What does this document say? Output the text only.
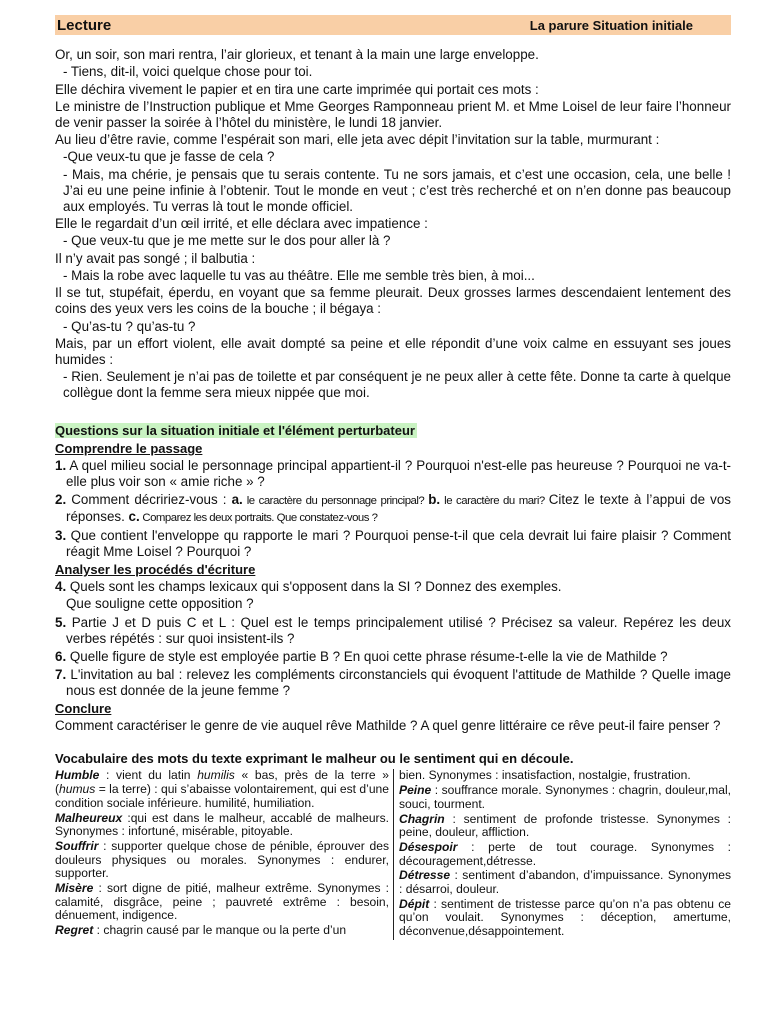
Lecture	La parure Situation initiale

Or, un soir, son mari rentra, l’air glorieux, et tenant à la main une large enveloppe.

- Tiens, dit-il, voici quelque chose pour toi.

Elle déchira vivement le papier et en tira une carte imprimée qui portait ces mots :

Le ministre de l’Instruction publique et Mme Georges Ramponneau prient M. et Mme Loisel de leur faire l’honneur de venir passer la soirée à l’hôtel du ministère, le lundi 18 janvier.

Au lieu d’être ravie, comme l’espérait son mari, elle jeta avec dépit l’invitation sur la table, murmurant :

-Que veux-tu que je fasse de cela ?

- Mais, ma chérie, je pensais que tu serais contente. Tu ne sors jamais, et c’est une occasion, cela, une belle ! J’ai eu une peine infinie à l’obtenir. Tout le monde en veut ; c’est très recherché et on n’en donne pas beaucoup aux employés. Tu verras là tout le monde officiel.

Elle le regardait d’un œil irrité, et elle déclara avec impatience :

- Que veux-tu que je me mette sur le dos pour aller là ?

Il n’y avait pas songé ; il balbutia :

- Mais la robe avec laquelle tu vas au théâtre. Elle me semble très bien, à moi...

Il se tut, stupéfait, éperdu, en voyant que sa femme pleurait. Deux grosses larmes descendaient lentement des coins des yeux vers les coins de la bouche ; il bégaya :

- Qu’as-tu ? qu’as-tu ?

Mais, par un effort violent, elle avait dompté sa peine et elle répondit d’une voix calme en essuyant ses joues humides :

- Rien. Seulement je n’ai pas de toilette et par conséquent je ne peux aller à cette fête. Donne ta carte à quelque collègue dont la femme sera mieux nippée que moi.

Questions sur la situation initiale et l'élément perturbateur
Comprendre le passage

1. A quel milieu social le personnage principal appartient-il ? Pourquoi n'est-elle pas heureuse ? Pourquoi ne va-t-elle plus voir son « amie riche » ?

2. Comment décririez-vous : a. le caractère du personnage principal? b. le caractère du mari? Citez le texte à l’appui de vos réponses. c. Comparez les deux portraits. Que constatez-vous ?

3. Que contient l'enveloppe qu rapporte le mari ? Pourquoi pense-t-il que cela devrait lui faire plaisir ? Comment réagit Mme Loisel ? Pourquoi ?

Analyser les procédés d'écriture

4. Quels sont les champs lexicaux qui s'opposent dans la SI ? Donnez des exemples.

Que souligne cette opposition ?

5. Partie J et D puis C et L : Quel est le temps principalement utilisé ? Précisez sa valeur. Repérez les deux verbes répétés : sur quoi insistent-ils ?

6. Quelle figure de style est employée partie B ? En quoi cette phrase résume-t-elle la vie de Mathilde ?

7. L'invitation au bal : relevez les compléments circonstanciels qui évoquent l'attitude de Mathilde ? Quelle image nous est donnée de la jeune femme ?

Conclure

Comment caractériser le genre de vie auquel rêve Mathilde ? A quel genre littéraire ce rêve peut-il faire penser ?

Vocabulaire des mots du texte exprimant le malheur ou le sentiment qui en découle.

Humble : vient du latin humilis « bas, près de la terre » (humus = la terre) : qui s’abaisse volontairement, qui est d’une condition sociale inférieure. humilité, humiliation.

Malheureux :qui est dans le malheur, accablé de malheurs. Synonymes : infortuné, misérable, pitoyable.

Souffrir : supporter quelque chose de pénible, éprouver des douleurs physiques ou morales. Synonymes : endurer, supporter.

Misère : sort digne de pitié, malheur extrême. Synonymes : calamité, disgrâce, peine ; pauvreté extrême : besoin, dénuement, indigence.

Regret : chagrin causé par le manque ou la perte d’un

bien. Synonymes : insatisfaction, nostalgie, frustration.

Peine : souffrance morale. Synonymes : chagrin, douleur,mal, souci, tourment.

Chagrin : sentiment de profonde tristesse. Synonymes : peine, douleur, affliction.

Désespoir : perte de tout courage. Synonymes : découragement,détresse.

Détresse : sentiment d’abandon, d’impuissance. Synonymes : désarroi, douleur.

Dépit : sentiment de tristesse parce qu’on n’a pas obtenu ce qu’on voulait. Synonymes : déception, amertume, déconvenue,désappointement.
